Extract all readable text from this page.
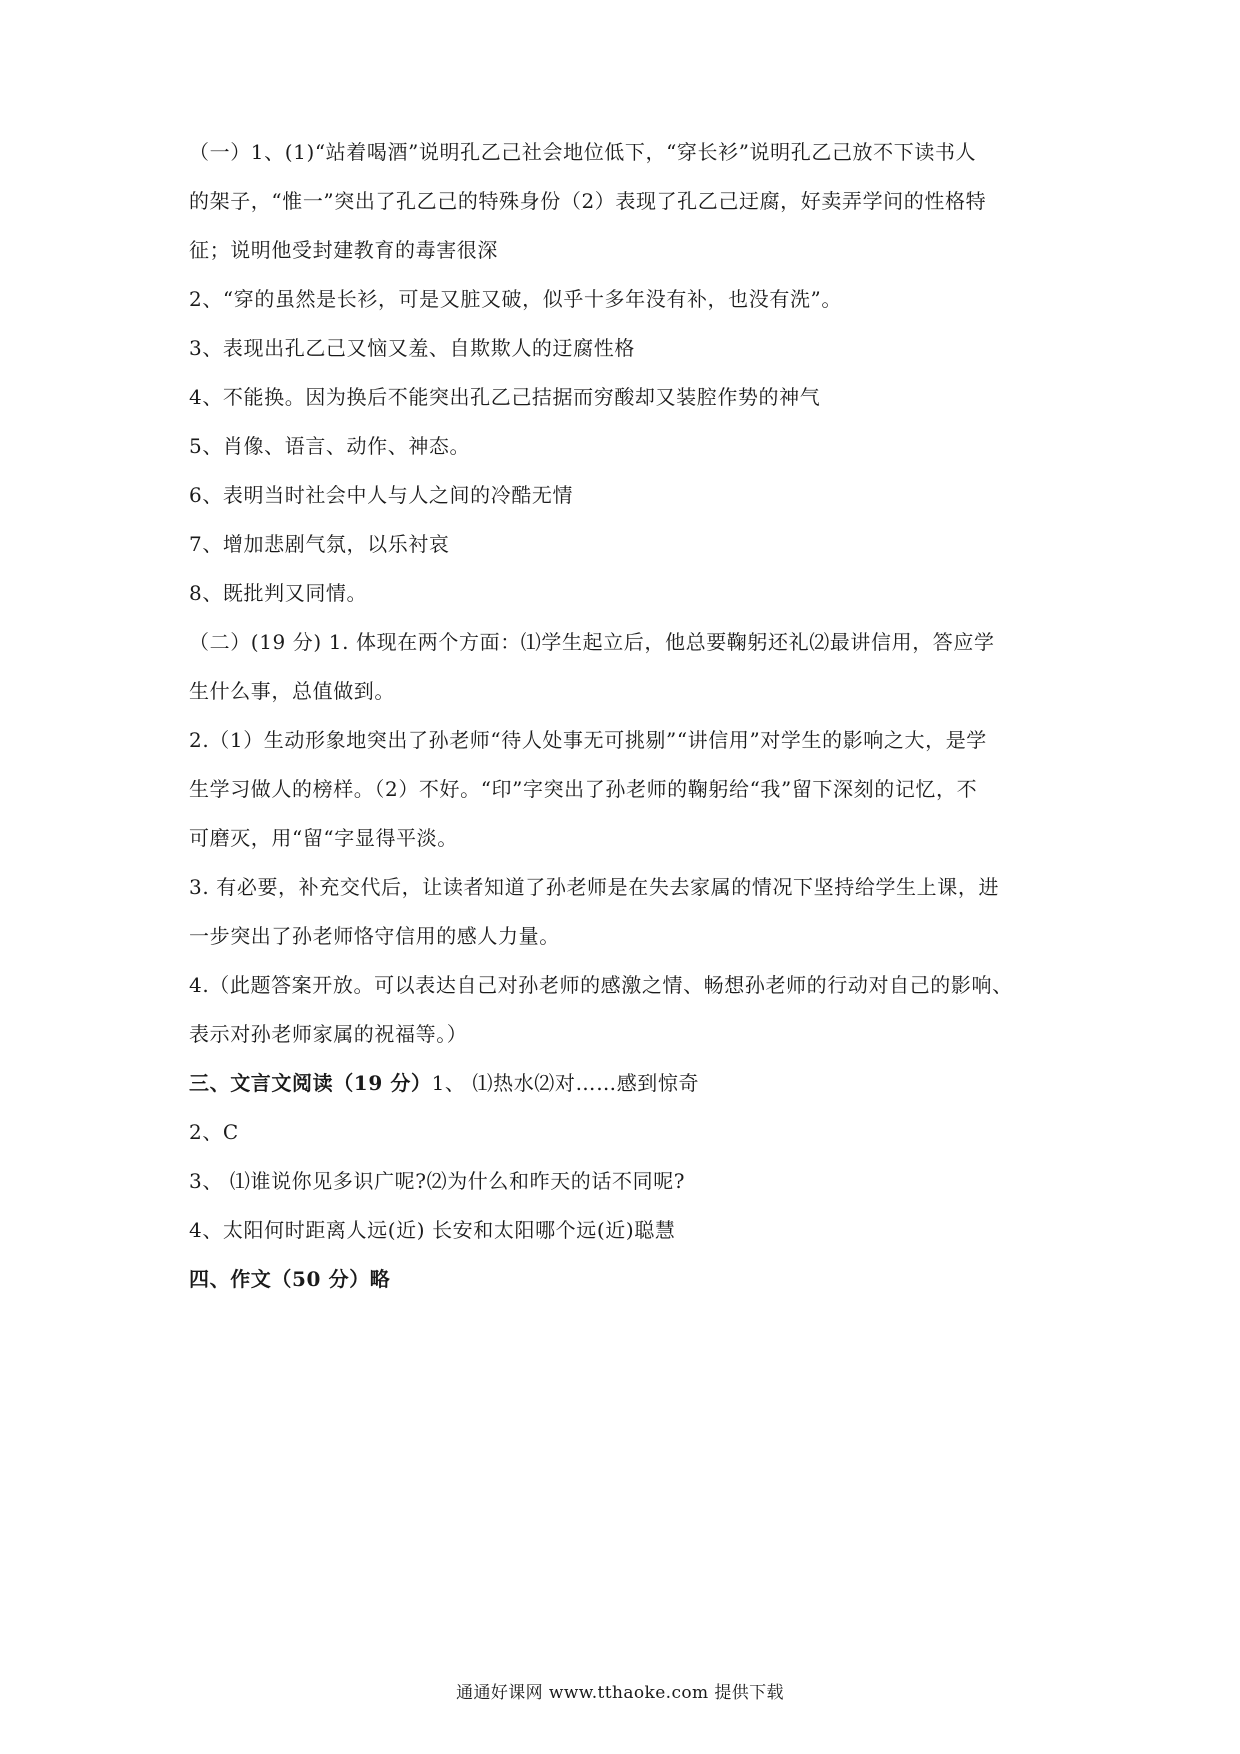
（一）1、(1)“站着喝酒”说明孔乙己社会地位低下，“穿长衫”说明孔乙己放不下读书人
的架子，“惟一”突出了孔乙己的特殊身份（2）表现了孔乙己迂腐，好卖弄学问的性格特
征；说明他受封建教育的毒害很深
2、“穿的虽然是长衫，可是又脏又破，似乎十多年没有补，也没有洗”。
3、表现出孔乙己又恼又羞、自欺欺人的迂腐性格
4、不能换。因为换后不能突出孔乙己拮据而穷酸却又装腔作势的神气
5、肖像、语言、动作、神态。
6、表明当时社会中人与人之间的冷酷无情
7、增加悲剧气氛，以乐衬哀
8、既批判又同情。
（二）(19 分) 1. 体现在两个方面：⑴学生起立后，他总要鞠躬还礼⑵最讲信用，答应学
生什么事，总值做到。
2.（1）生动形象地突出了孙老师“待人处事无可挑剔”“讲信用”对学生的影响之大，是学
生学习做人的榜样。（2）不好。“印”字突出了孙老师的鞠躬给“我”留下深刻的记忆，不
可磨灭，用“留“字显得平淡。
3. 有必要，补充交代后，让读者知道了孙老师是在失去家属的情况下坚持给学生上课，进
一步突出了孙老师恪守信用的感人力量。
4.（此题答案开放。可以表达自己对孙老师的感激之情、畅想孙老师的行动对自己的影响、
表示对孙老师家属的祝福等。）
三、文言文阅读（19 分）1、 ⑴热水⑵对……感到惊奇
2、C
3、 ⑴谁说你见多识广呢?⑵为什么和昨天的话不同呢?
4、太阳何时距离人远(近) 长安和太阳哪个远(近)聪慧
四、作文（50 分）略
通通好课网 www.tthaoke.com 提供下载
